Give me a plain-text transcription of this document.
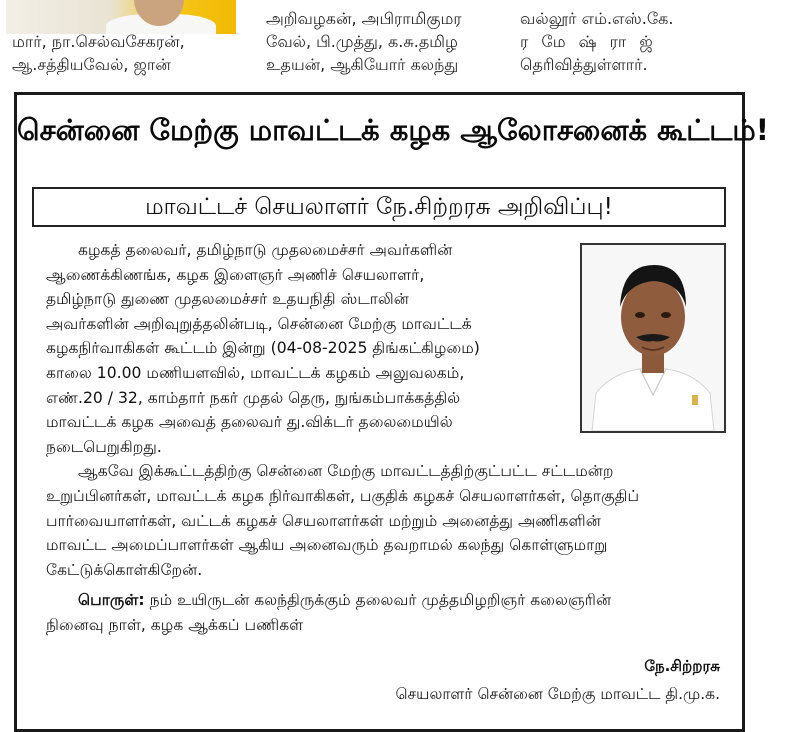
மார், நா.செல்வசேகரன்,
ஆ.சத்தியவேல், ஜான்
அறிவழகன், அபிராமிகுமர
வேல், பி.முத்து, க.சு.தமிழ
உதயன், ஆகியோர் கலந்து
வல்லூர் எம்.எஸ்.கே.
ர மே ஷ் ரா ஜ்
தெரிவித்துள்ளார்.
சென்னை மேற்கு மாவட்டக் கழக ஆலோசனைக் கூட்டம்!
மாவட்டச் செயலாளர் நே.சிற்றரசு அறிவிப்பு!
கழகத் தலைவர், தமிழ்நாடு முதலமைச்சர் அவர்களின்
ஆணைக்கிணங்க, கழக இளைஞர் அணிச் செயலாளர்,
தமிழ்நாடு துணை முதலமைச்சர் உதயநிதி ஸ்டாலின்
அவர்களின் அறிவுறுத்தலின்படி, சென்னை மேற்கு மாவட்டக்
கழகநிர்வாகிகள் கூட்டம் இன்று (04-08-2025 திங்கட்கிழமை)
காலை 10.00 மணியளவில், மாவட்டக் கழகம் அலுவலகம்,
எண்.20 / 32, காம்தார் நகர் முதல் தெரு, நுங்கம்பாக்கத்தில்
மாவட்டக் கழக அவைத் தலைவர் து.விக்டர் தலைமையில்
நடைபெறுகிறது.
ஆகவே இக்கூட்டத்திற்கு சென்னை மேற்கு மாவட்டத்திற்குட்பட்ட சட்டமன்ற
உறுப்பினர்கள், மாவட்டக் கழக நிர்வாகிகள், பகுதிக் கழகச் செயலாளர்கள், தொகுதிப்
பார்வையாளர்கள், வட்டக் கழகச் செயலாளர்கள் மற்றும் அனைத்து அணிகளின்
மாவட்ட அமைப்பாளர்கள் ஆகிய அனைவரும் தவறாமல் கலந்து கொள்ளுமாறு
கேட்டுக்கொள்கிறேன்.
பொருள்: நம் உயிருடன் கலந்திருக்கும் தலைவர் முத்தமிழறிஞர் கலைஞரின்
நினைவு நாள், கழக ஆக்கப் பணிகள்
நே.சிற்றரசு
செயலாளர் சென்னை மேற்கு மாவட்ட தி.மு.க.
